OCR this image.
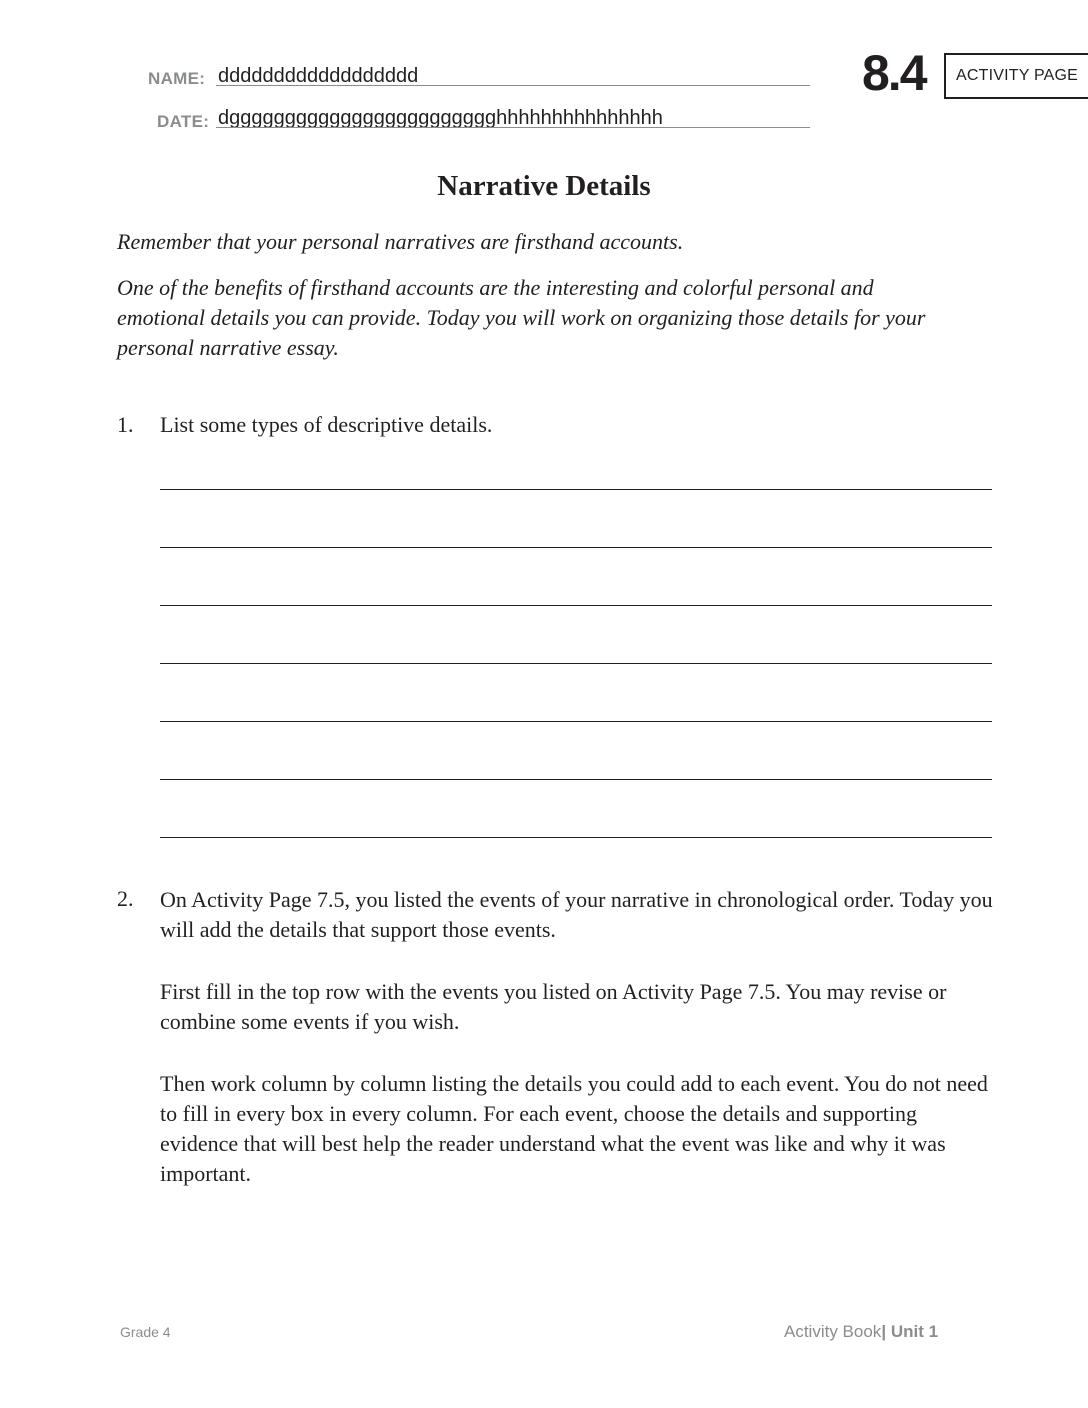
NAME: dddddddddddddddddd
DATE: dgggggggggggggggggggggggghhhhhhhhhhhhhhh
8.4 ACTIVITY PAGE
Narrative Details

Remember that your personal narratives are firsthand accounts.

One of the benefits of firsthand accounts are the interesting and colorful personal and emotional details you can provide. Today you will work on organizing those details for your personal narrative essay.

1. List some types of descriptive details.

2. On Activity Page 7.5, you listed the events of your narrative in chronological order. Today you will add the details that support those events.

First fill in the top row with the events you listed on Activity Page 7.5. You may revise or combine some events if you wish.

Then work column by column listing the details you could add to each event. You do not need to fill in every box in every column. For each event, choose the details and supporting evidence that will best help the reader understand what the event was like and why it was important.

Grade 4	Activity Book| Unit 1
